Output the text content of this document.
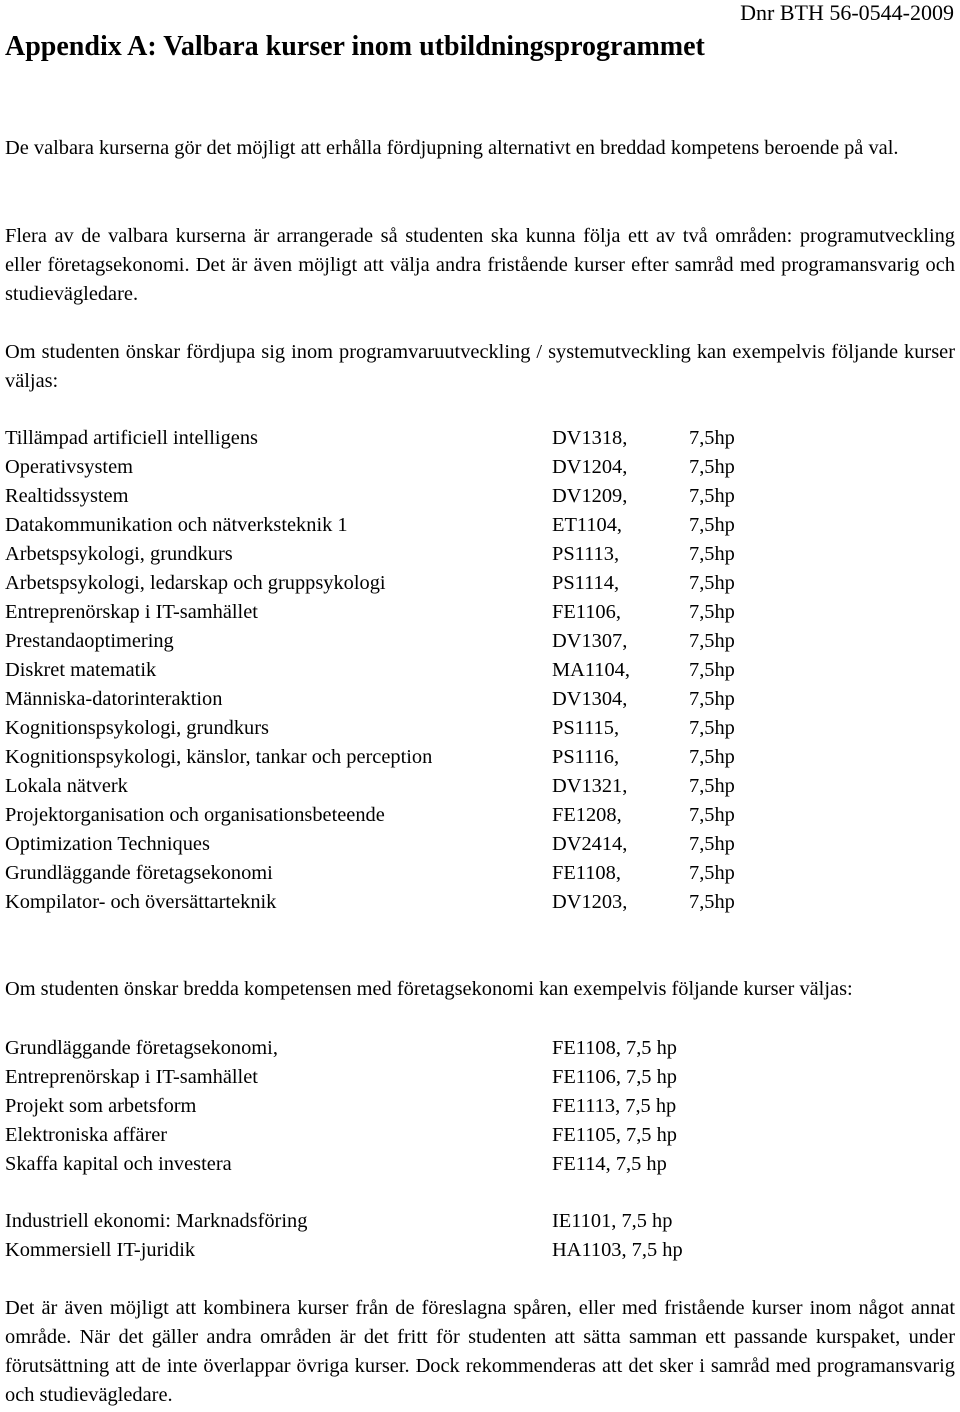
Dnr BTH 56-0544-2009
Appendix A: Valbara kurser inom utbildningsprogrammet

De valbara kurserna gör det möjligt att erhålla fördjupning alternativt en breddad kompetens beroende på val.

Flera av de valbara kurserna är arrangerade så studenten ska kunna följa ett av två områden: programutveckling eller företagsekonomi. Det är även möjligt att välja andra fristående kurser efter samråd med programansvarig och studievägledare.

Om studenten önskar fördjupa sig inom programvaruutveckling / systemutveckling kan exempelvis följande kurser väljas:

Tillämpad artificiell intelligens	DV1318,	7,5hp
Operativsystem	DV1204,	7,5hp
Realtidssystem	DV1209,	7,5hp
Datakommunikation och nätverksteknik 1	ET1104,	7,5hp
Arbetspsykologi, grundkurs	PS1113,	7,5hp
Arbetspsykologi, ledarskap och gruppsykologi	PS1114,	7,5hp
Entreprenörskap i IT-samhället	FE1106,	7,5hp
Prestandaoptimering	DV1307,	7,5hp
Diskret matematik	MA1104,	7,5hp
Människa-datorinteraktion	DV1304,	7,5hp
Kognitionspsykologi, grundkurs	PS1115,	7,5hp
Kognitionspsykologi, känslor, tankar och perception	PS1116,	7,5hp
Lokala nätverk	DV1321,	7,5hp
Projektorganisation och organisationsbeteende	FE1208,	7,5hp
Optimization Techniques	DV2414,	7,5hp
Grundläggande företagsekonomi	FE1108,	7,5hp
Kompilator- och översättarteknik	DV1203,	7,5hp

Om studenten önskar bredda kompetensen med företagsekonomi kan exempelvis följande kurser väljas:

Grundläggande företagsekonomi,	FE1108, 7,5 hp
Entreprenörskap i IT-samhället	FE1106, 7,5 hp
Projekt som arbetsform	FE1113, 7,5 hp
Elektroniska affärer	FE1105, 7,5 hp
Skaffa kapital och investera	FE114, 7,5 hp
Industriell ekonomi: Marknadsföring	IE1101, 7,5 hp
Kommersiell IT-juridik	HA1103, 7,5 hp

Det är även möjligt att kombinera kurser från de föreslagna spåren, eller med fristående kurser inom något annat område. När det gäller andra områden är det fritt för studenten att sätta samman ett passande kurspaket, under förutsättning att de inte överlappar övriga kurser. Dock rekommenderas att det sker i samråd med programansvarig och studievägledare.
